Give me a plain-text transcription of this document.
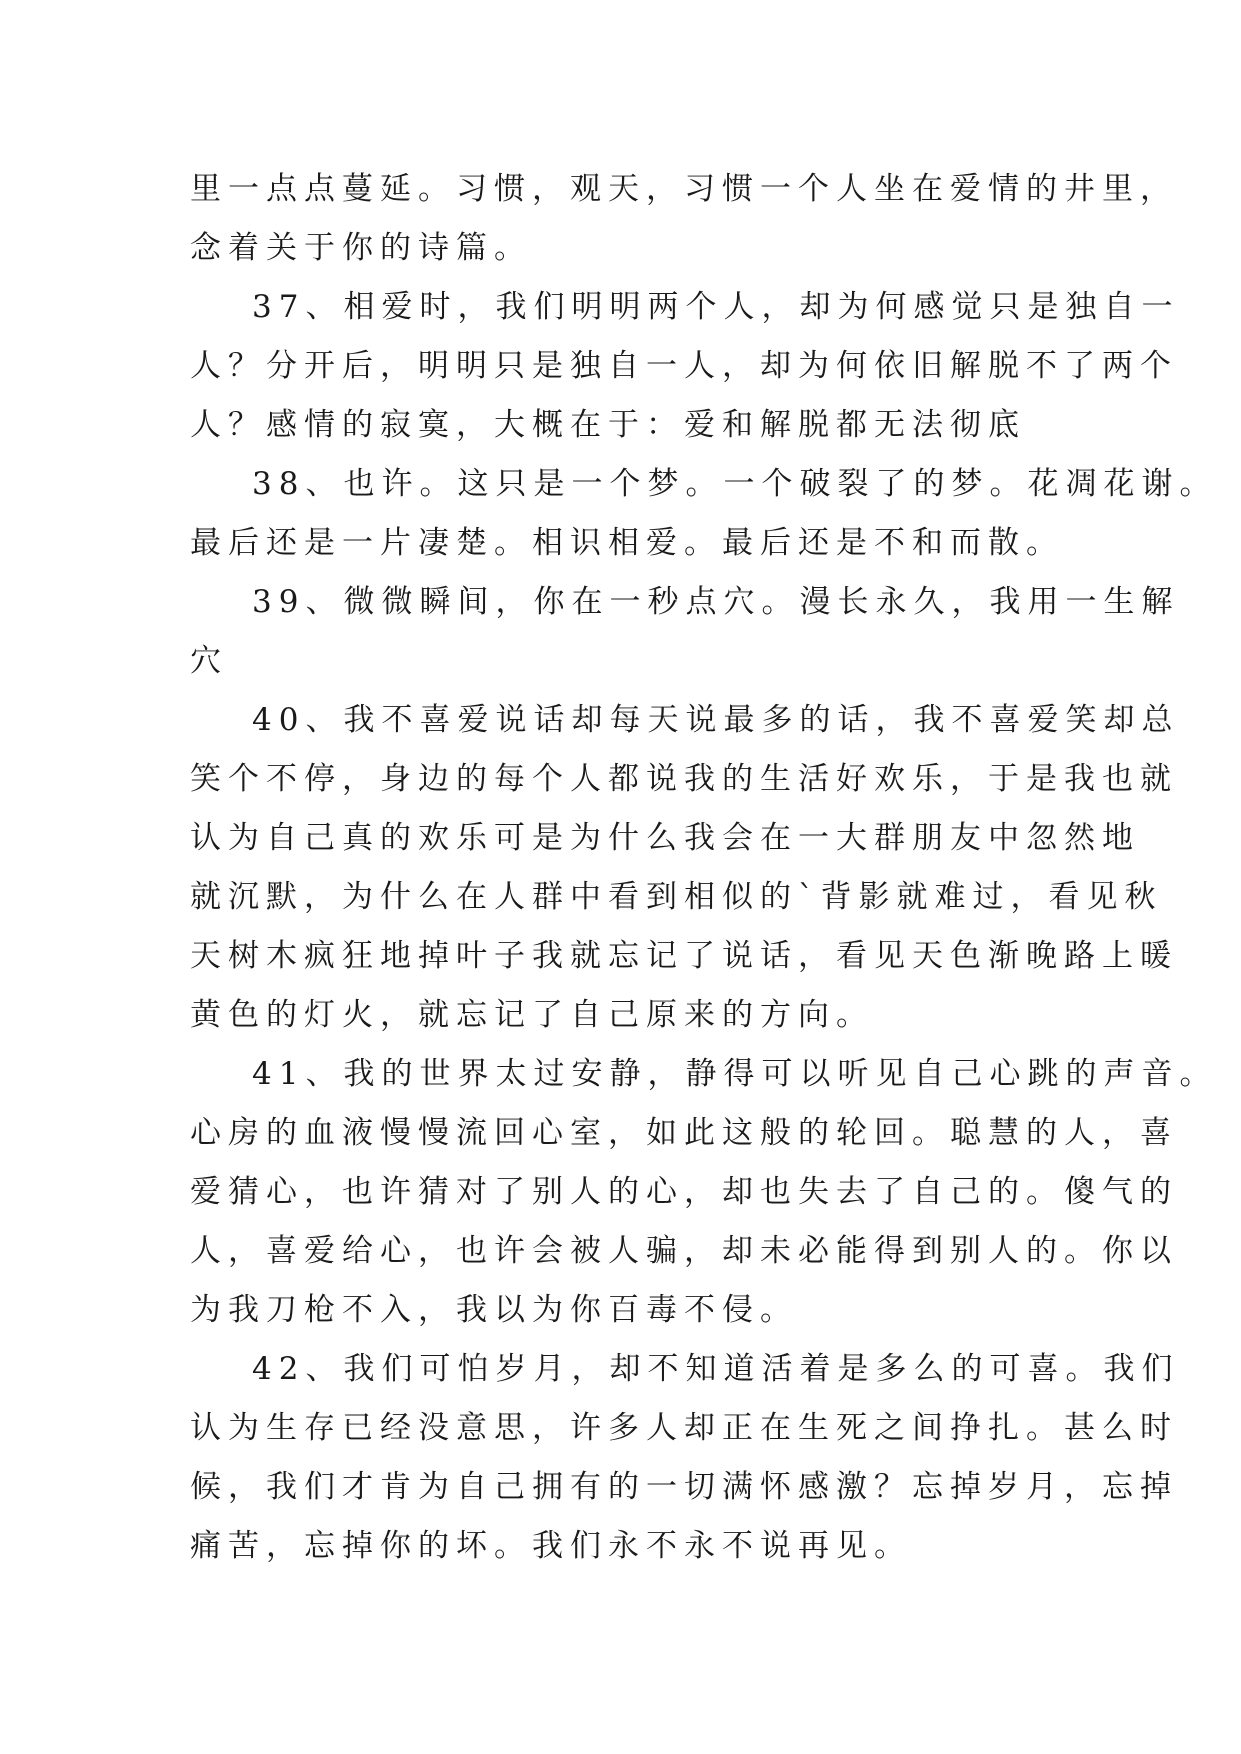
里一点点蔓延。习惯，观天，习惯一个人坐在爱情的井里，
念着关于你的诗篇。
37、相爱时，我们明明两个人，却为何感觉只是独自一
人？分开后，明明只是独自一人，却为何依旧解脱不了两个
人？感情的寂寞，大概在于：爱和解脱都无法彻底
38、也许。这只是一个梦。一个破裂了的梦。花凋花谢。
最后还是一片凄楚。相识相爱。最后还是不和而散。
39、微微瞬间，你在一秒点穴。漫长永久，我用一生解
穴
40、我不喜爱说话却每天说最多的话，我不喜爱笑却总
笑个不停，身边的每个人都说我的生活好欢乐，于是我也就
认为自己真的欢乐可是为什么我会在一大群朋友中忽然地
就沉默，为什么在人群中看到相似的`背影就难过，看见秋
天树木疯狂地掉叶子我就忘记了说话，看见天色渐晚路上暖
黄色的灯火，就忘记了自己原来的方向。
41、我的世界太过安静，静得可以听见自己心跳的声音。
心房的血液慢慢流回心室，如此这般的轮回。聪慧的人，喜
爱猜心，也许猜对了别人的心，却也失去了自己的。傻气的
人，喜爱给心，也许会被人骗，却未必能得到别人的。你以
为我刀枪不入，我以为你百毒不侵。
42、我们可怕岁月，却不知道活着是多么的可喜。我们
认为生存已经没意思，许多人却正在生死之间挣扎。甚么时
候，我们才肯为自己拥有的一切满怀感激？忘掉岁月，忘掉
痛苦，忘掉你的坏。我们永不永不说再见。
